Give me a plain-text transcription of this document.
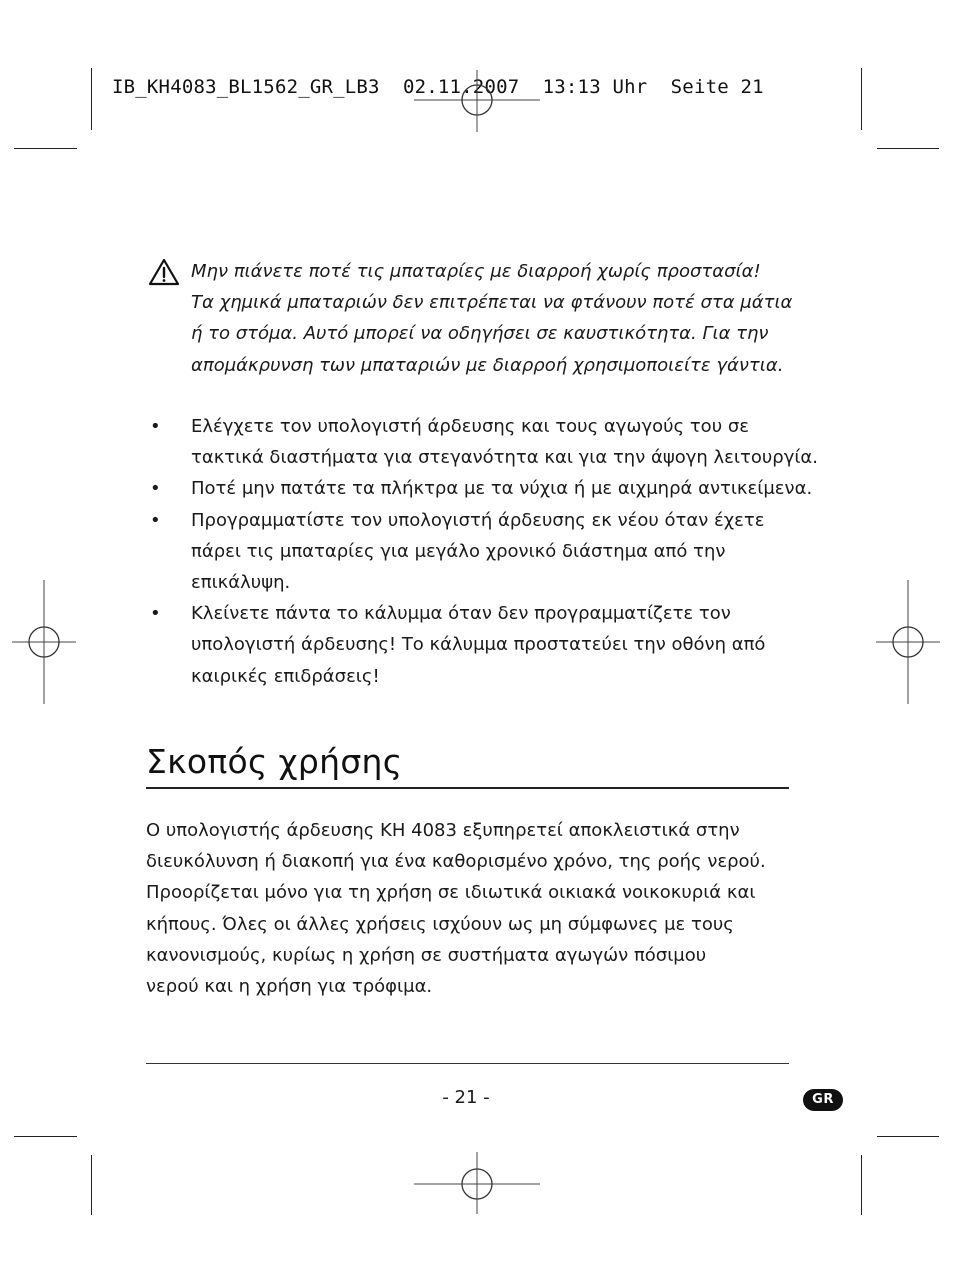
IB_KH4083_BL1562_GR_LB3  02.11.2007  13:13 Uhr  Seite 21
Μην πιάνετε ποτέ τις μπαταρίες με διαρροή χωρίς προστασία!
Τα χημικά μπαταριών δεν επιτρέπεται να φτάνουν ποτέ στα μάτια
ή το στόμα. Αυτό μπορεί να οδηγήσει σε καυστικότητα. Για την
απομάκρυνση των μπαταριών με διαρροή χρησιμοποιείτε γάντια.
• Ελέγχετε τον υπολογιστή άρδευσης και τους αγωγούς του σε
τακτικά διαστήματα για στεγανότητα και για την άψογη λειτουργία.
• Ποτέ μην πατάτε τα πλήκτρα με τα νύχια ή με αιχμηρά αντικείμενα.
• Προγραμματίστε τον υπολογιστή άρδευσης εκ νέου όταν έχετε
πάρει τις μπαταρίες για μεγάλο χρονικό διάστημα από την
επικάλυψη.
• Κλείνετε πάντα το κάλυμμα όταν δεν προγραμματίζετε τον
υπολογιστή άρδευσης! Το κάλυμμα προστατεύει την οθόνη από
καιρικές επιδράσεις!
Σκοπός χρήσης
Ο υπολογιστής άρδευσης KH 4083 εξυπηρετεί αποκλειστικά στην
διευκόλυνση ή διακοπή για ένα καθορισμένο χρόνο, της ροής νερού.
Προορίζεται μόνο για τη χρήση σε ιδιωτικά οικιακά νοικοκυριά και
κήπους. Όλες οι άλλες χρήσεις ισχύουν ως μη σύμφωνες με τους
κανονισμούς, κυρίως η χρήση σε συστήματα αγωγών πόσιμου
νερού και η χρήση για τρόφιμα.
- 21 -	GR
